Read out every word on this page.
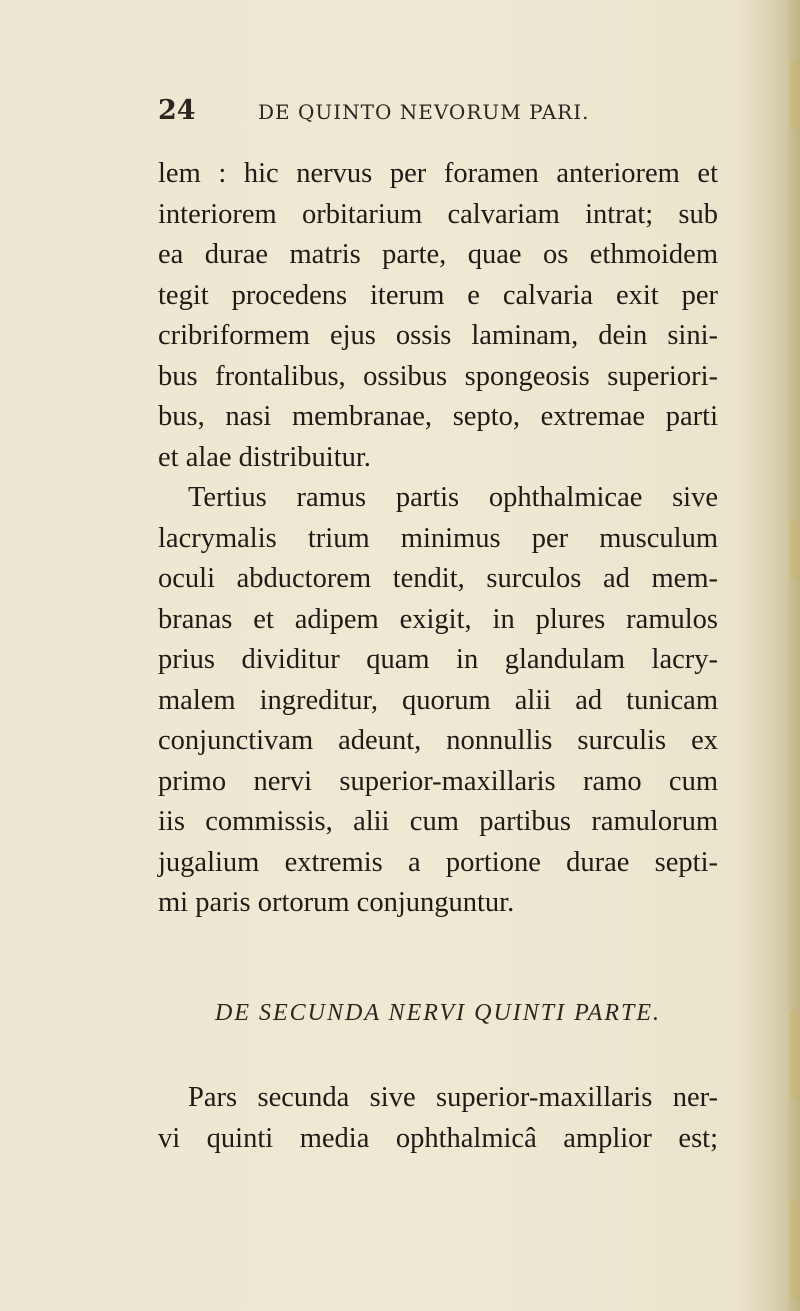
24	DE QUINTO NEVORUM PARI.
lem : hic nervus per foramen anteriorem et
interiorem orbitarium calvariam intrat; sub
ea durae matris parte, quae os ethmoidem
tegit procedens iterum e calvaria exit per
cribriformem ejus ossis laminam, dein sini-
bus frontalibus, ossibus spongeosis superiori-
bus, nasi membranae, septo, extremae parti
et alae distribuitur.
Tertius ramus partis ophthalmicae sive
lacrymalis trium minimus per musculum
oculi abductorem tendit, surculos ad mem-
branas et adipem exigit, in plures ramulos
prius dividitur quam in glandulam lacry-
malem ingreditur, quorum alii ad tunicam
conjunctivam adeunt, nonnullis surculis ex
primo nervi superior-maxillaris ramo cum
iis commissis, alii cum partibus ramulorum
jugalium extremis a portione durae septi-
mi paris ortorum conjunguntur.
DE SECUNDA NERVI QUINTI PARTE.
Pars secunda sive superior-maxillaris ner-
vi quinti media ophthalmicâ amplior est;
